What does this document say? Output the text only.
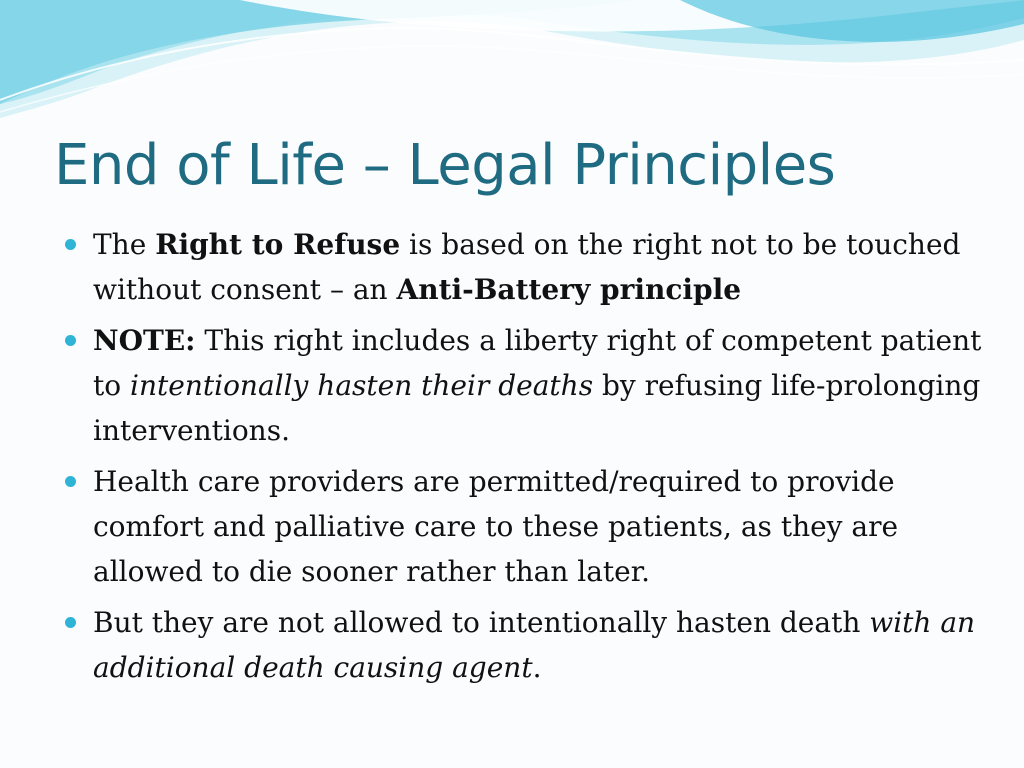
End of Life – Legal Principles
The Right to Refuse is based on the right not to be touched without consent – an Anti-Battery principle
NOTE: This right includes a liberty right of competent patient to intentionally hasten their deaths by refusing life-prolonging interventions.
Health care providers are permitted/required to provide comfort and palliative care to these patients, as they are allowed to die sooner rather than later.
But they are not allowed to intentionally hasten death with an additional death causing agent.
